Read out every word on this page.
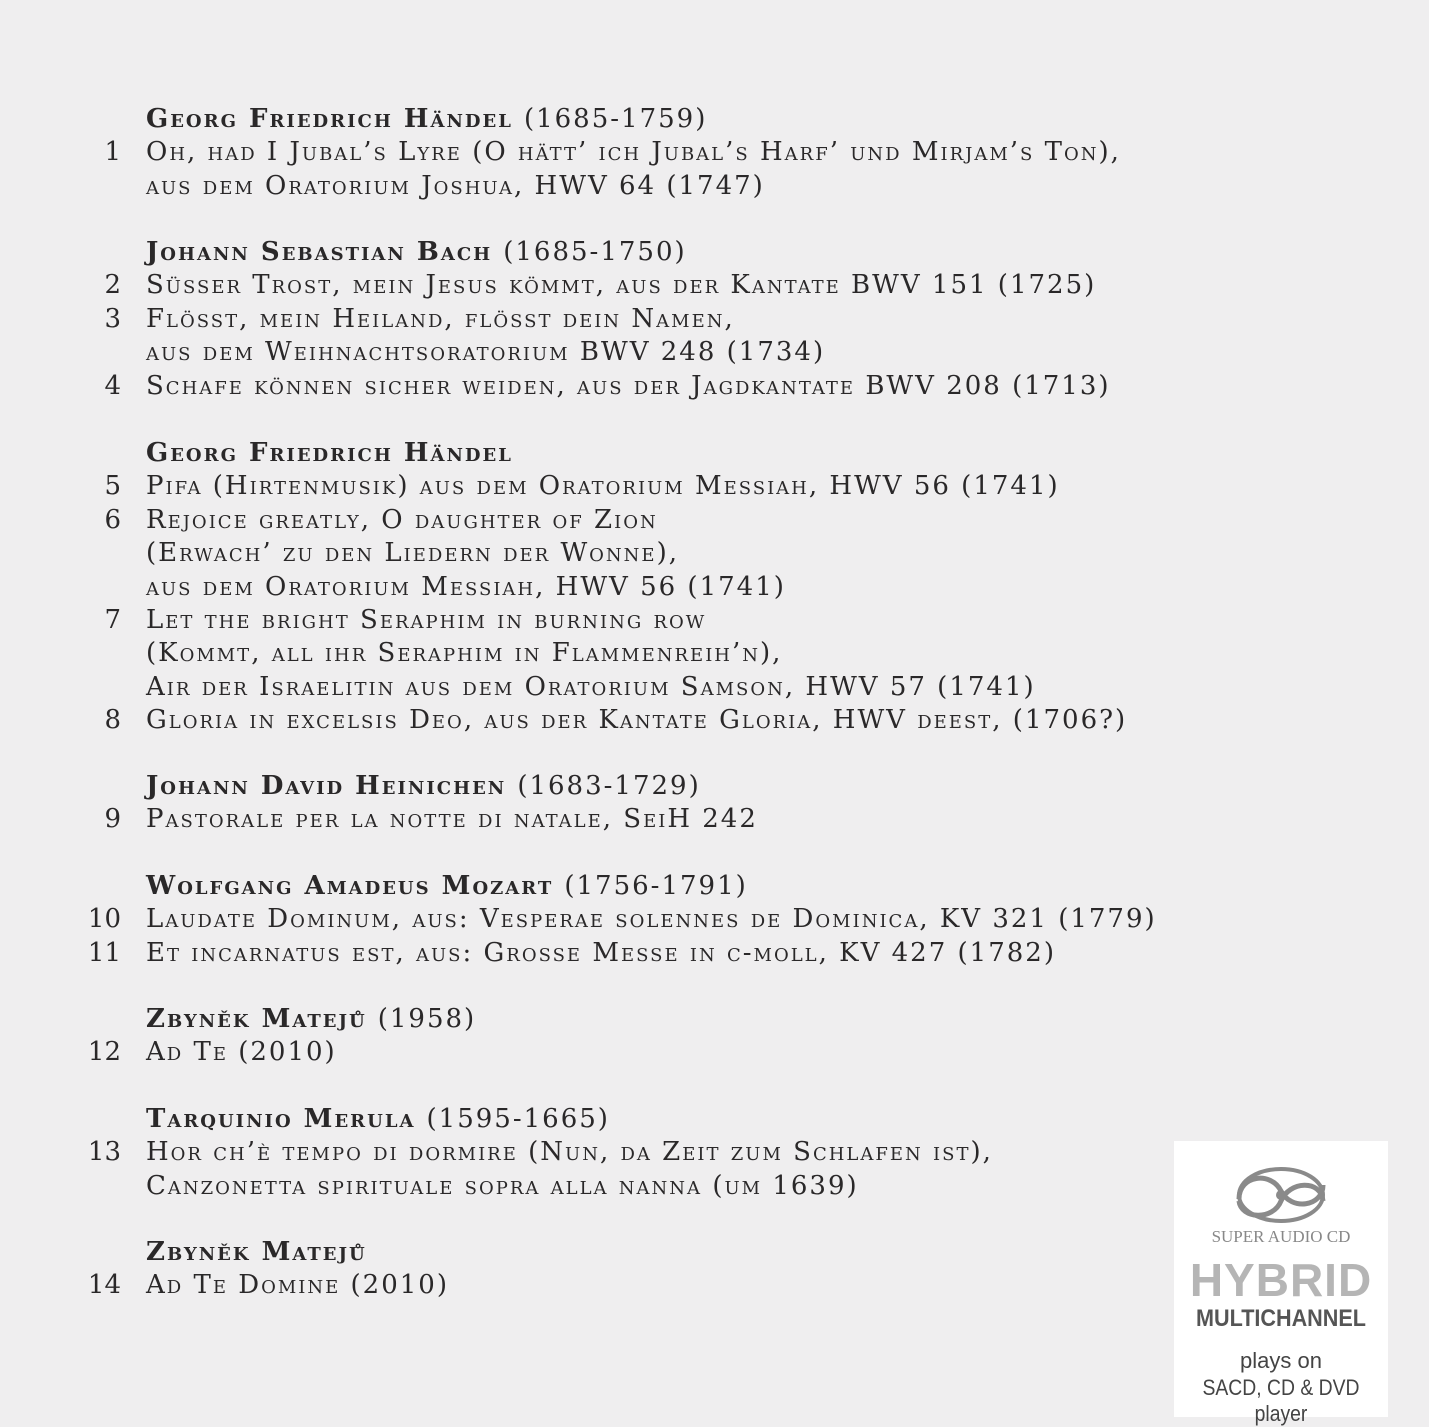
Georg Friedrich Händel (1685-1759)
1 Oh, had I Jubal’s Lyre (O hätt’ ich Jubal’s Harf’ und Mirjam’s Ton),
aus dem Oratorium Joshua, HWV 64 (1747)
Johann Sebastian Bach (1685-1750)
2 Süsser Trost, mein Jesus kömmt, aus der Kantate BWV 151 (1725)
3 Flösst, mein Heiland, flösst dein Namen,
aus dem Weihnachtsoratorium BWV 248 (1734)
4 Schafe können sicher weiden, aus der Jagdkantate BWV 208 (1713)
Georg Friedrich Händel
5 Pifa (Hirtenmusik) aus dem Oratorium Messiah, HWV 56 (1741)
6 Rejoice greatly, O daughter of Zion
(Erwach’ zu den Liedern der Wonne),
aus dem Oratorium Messiah, HWV 56 (1741)
7 Let the bright Seraphim in burning row
(Kommt, all ihr Seraphim in Flammenreih’n),
Air der Israelitin aus dem Oratorium Samson, HWV 57 (1741)
8 Gloria in excelsis Deo, aus der Kantate Gloria, HWV deest, (1706?)
Johann David Heinichen (1683-1729)
9 Pastorale per la notte di natale, SeiH 242
Wolfgang Amadeus Mozart (1756-1791)
10 Laudate Dominum, aus: Vesperae solennes de Dominica, KV 321 (1779)
11 Et incarnatus est, aus: Grosse Messe in c-moll, KV 427 (1782)
Zbyněk Matejů (1958)
12 Ad Te (2010)
Tarquinio Merula (1595-1665)
13 Hor ch’è tempo di dormire (Nun, da Zeit zum Schlafen ist),
Canzonetta spirituale sopra alla nanna (um 1639)
Zbyněk Matejů
14 Ad Te Domine (2010)
SUPER AUDIO CD
HYBRID
MULTICHANNEL
plays on
SACD, CD & DVD player
